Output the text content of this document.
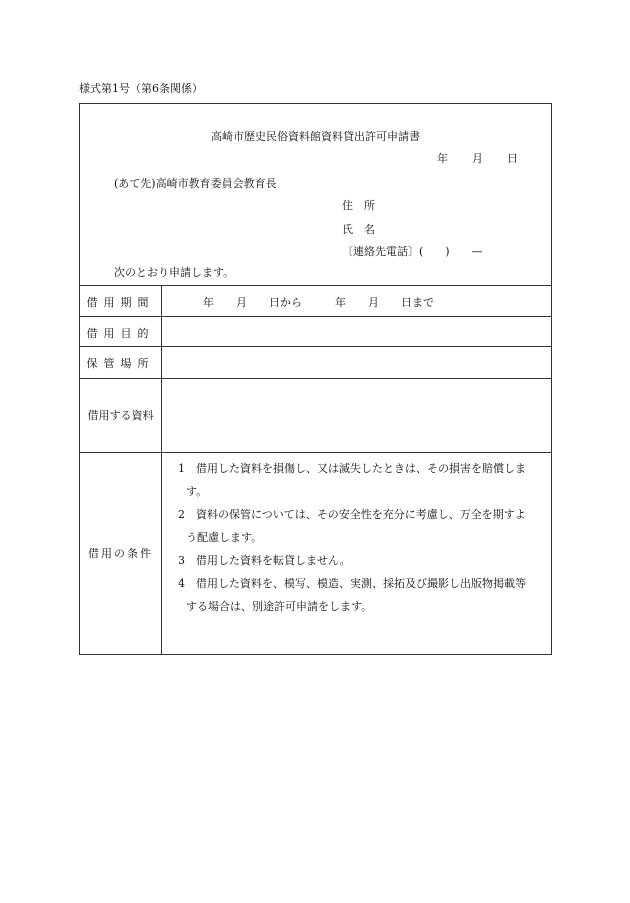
様式第1号（第6条関係）
高崎市歴史民俗資料館資料貸出許可申請書
年 月 日
(あて先)高崎市教育委員会教育長
住　所
氏　名
〔連絡先電話〕(　　)　　—
次のとおり申請します。
借用期間	年　　月　　日から　　　年　　月　　日まで
借用目的
保管場所
借用する資料
借用の条件

1　借用した資料を損傷し、又は滅失したときは、その損害を賠償します。

2　資料の保管については、その安全性を充分に考慮し、万全を期すよう配慮します。

3　借用した資料を転貸しません。

4　借用した資料を、模写、模造、実測、採拓及び撮影し出版物掲載等する場合は、別途許可申請をします。
